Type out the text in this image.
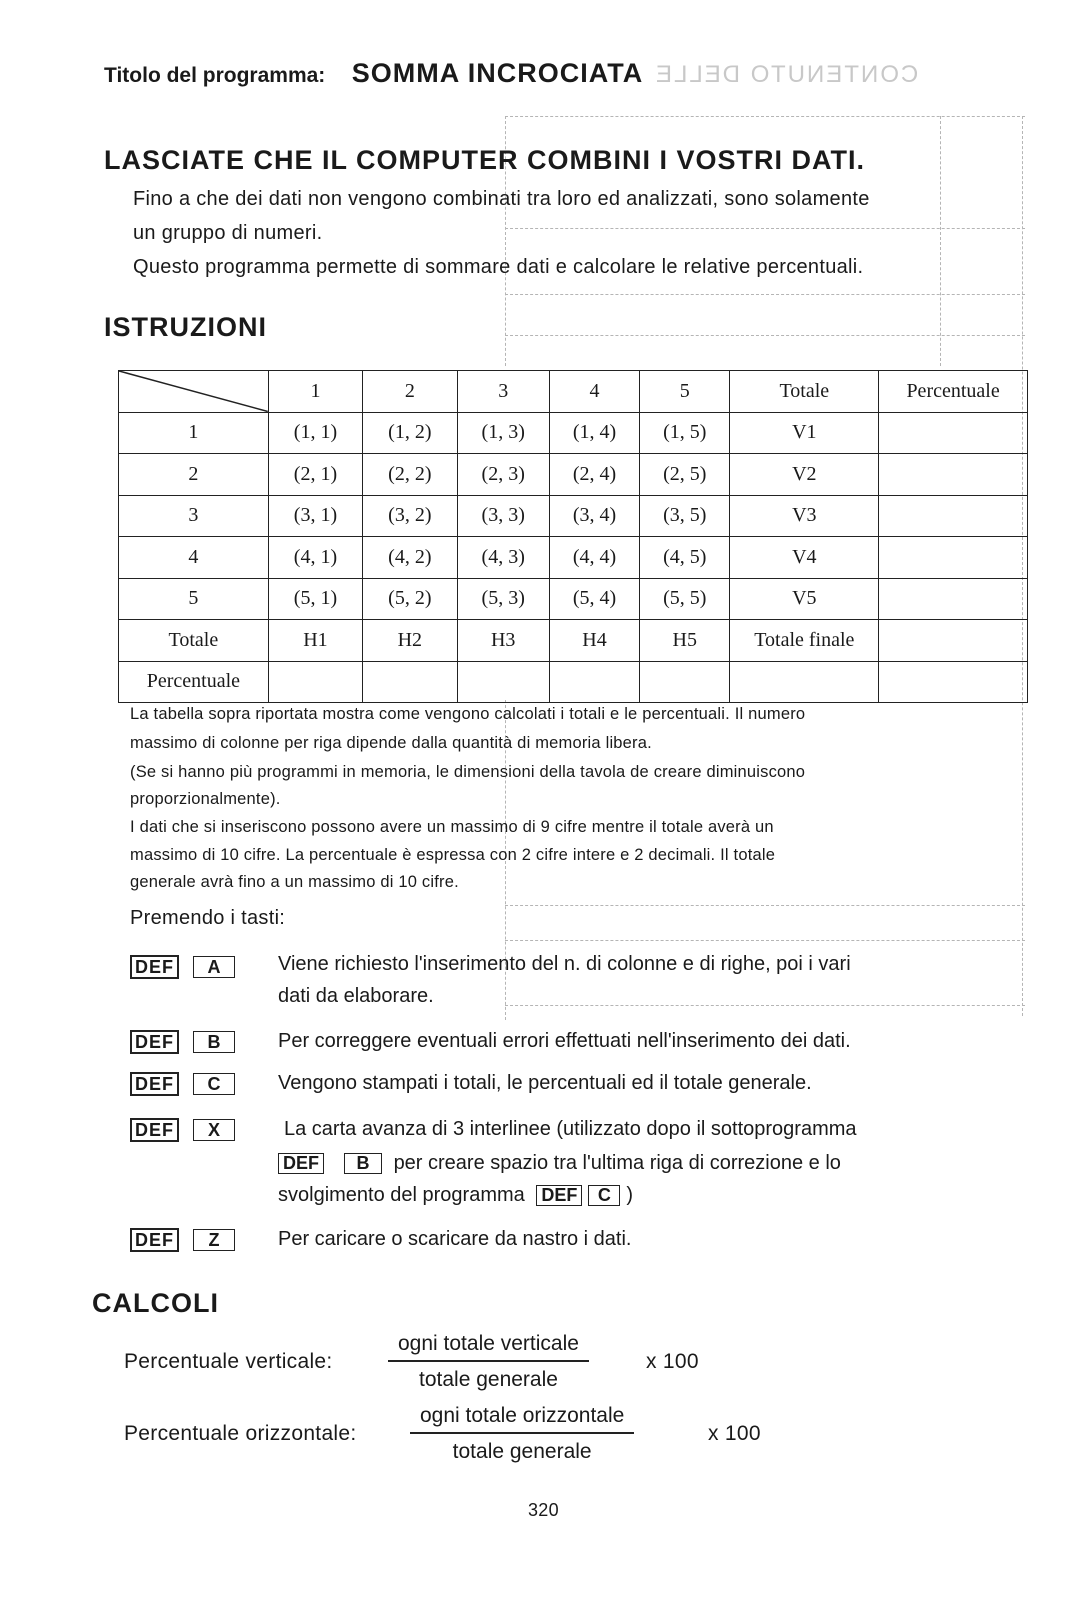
Titolo del programma: SOMMA INCROCIATA CONTENUTO DELLE
LASCIATE CHE IL COMPUTER COMBINI I VOSTRI DATI.
Fino a che dei dati non vengono combinati tra loro ed analizzati, sono solamente
un gruppo di numeri.
Questo programma permette di sommare dati e calcolare le relative percentuali.
ISTRUZIONI
	1	2	3	4	5	Totale	Percentuale
1	(1, 1)	(1, 2)	(1, 3)	(1, 4)	(1, 5)	V1	
2	(2, 1)	(2, 2)	(2, 3)	(2, 4)	(2, 5)	V2	
3	(3, 1)	(3, 2)	(3, 3)	(3, 4)	(3, 5)	V3	
4	(4, 1)	(4, 2)	(4, 3)	(4, 4)	(4, 5)	V4	
5	(5, 1)	(5, 2)	(5, 3)	(5, 4)	(5, 5)	V5	
Totale	H1	H2	H3	H4	H5	Totale finale	
Percentuale							
La tabella sopra riportata mostra come vengono calcolati i totali e le percentuali. Il numero
massimo di colonne per riga dipende dalla quantità di memoria libera.
(Se si hanno più programmi in memoria, le dimensioni della tavola de creare diminuiscono
proporzionalmente).
I dati che si inseriscono possono avere un massimo di 9 cifre mentre il totale averà un
massimo di 10 cifre. La percentuale è espressa con 2 cifre intere e 2 decimali. Il totale
generale avrà fino a un massimo di 10 cifre.
Premendo i tasti:
DEF A	Viene richiesto l'inserimento del n. di colonne e di righe, poi i vari
dati da elaborare.
DEF B	Per correggere eventuali errori effettuati nell'inserimento dei dati.
DEF C	Vengono stampati i totali, le percentuali ed il totale generale.
DEF X	La carta avanza di 3 interlinee (utilizzato dopo il sottoprogramma
DEF B per creare spazio tra l'ultima riga di correzione e lo
svolgimento del programma DEF C )
DEF Z	Per caricare o scaricare da nastro i dati.
CALCOLI
Percentuale verticale:
ogni totale verticale
totale generale
x 100
Percentuale orizzontale:
ogni totale orizzontale
totale generale
x 100
320
